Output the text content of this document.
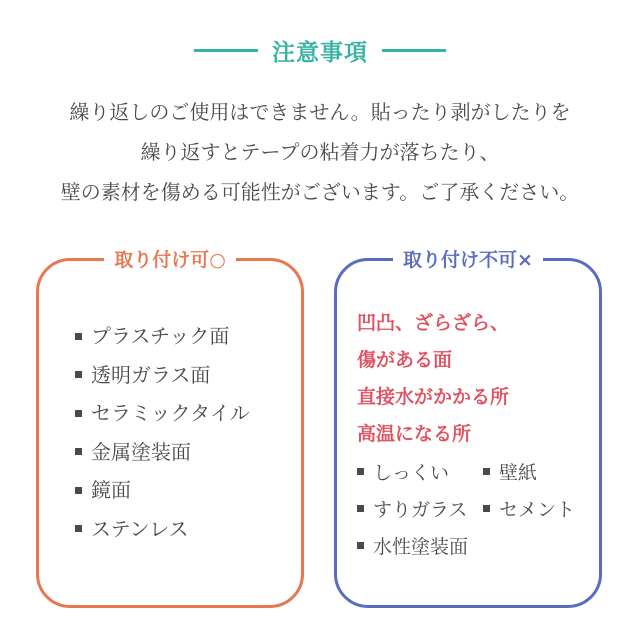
注意事項
繰り返しのご使用はできません。貼ったり剥がしたりを
繰り返すとテープの粘着力が落ちたり、
壁の素材を傷める可能性がございます。ご了承ください。
取り付け可○
プラスチック面
透明ガラス面
セラミックタイル
金属塗装面
鏡面
ステンレス
取り付け不可×
凹凸、ざらざら、
傷がある面
直接水がかかる所
高温になる所
しっくい	壁紙
すりガラス セメント
水性塗装面
